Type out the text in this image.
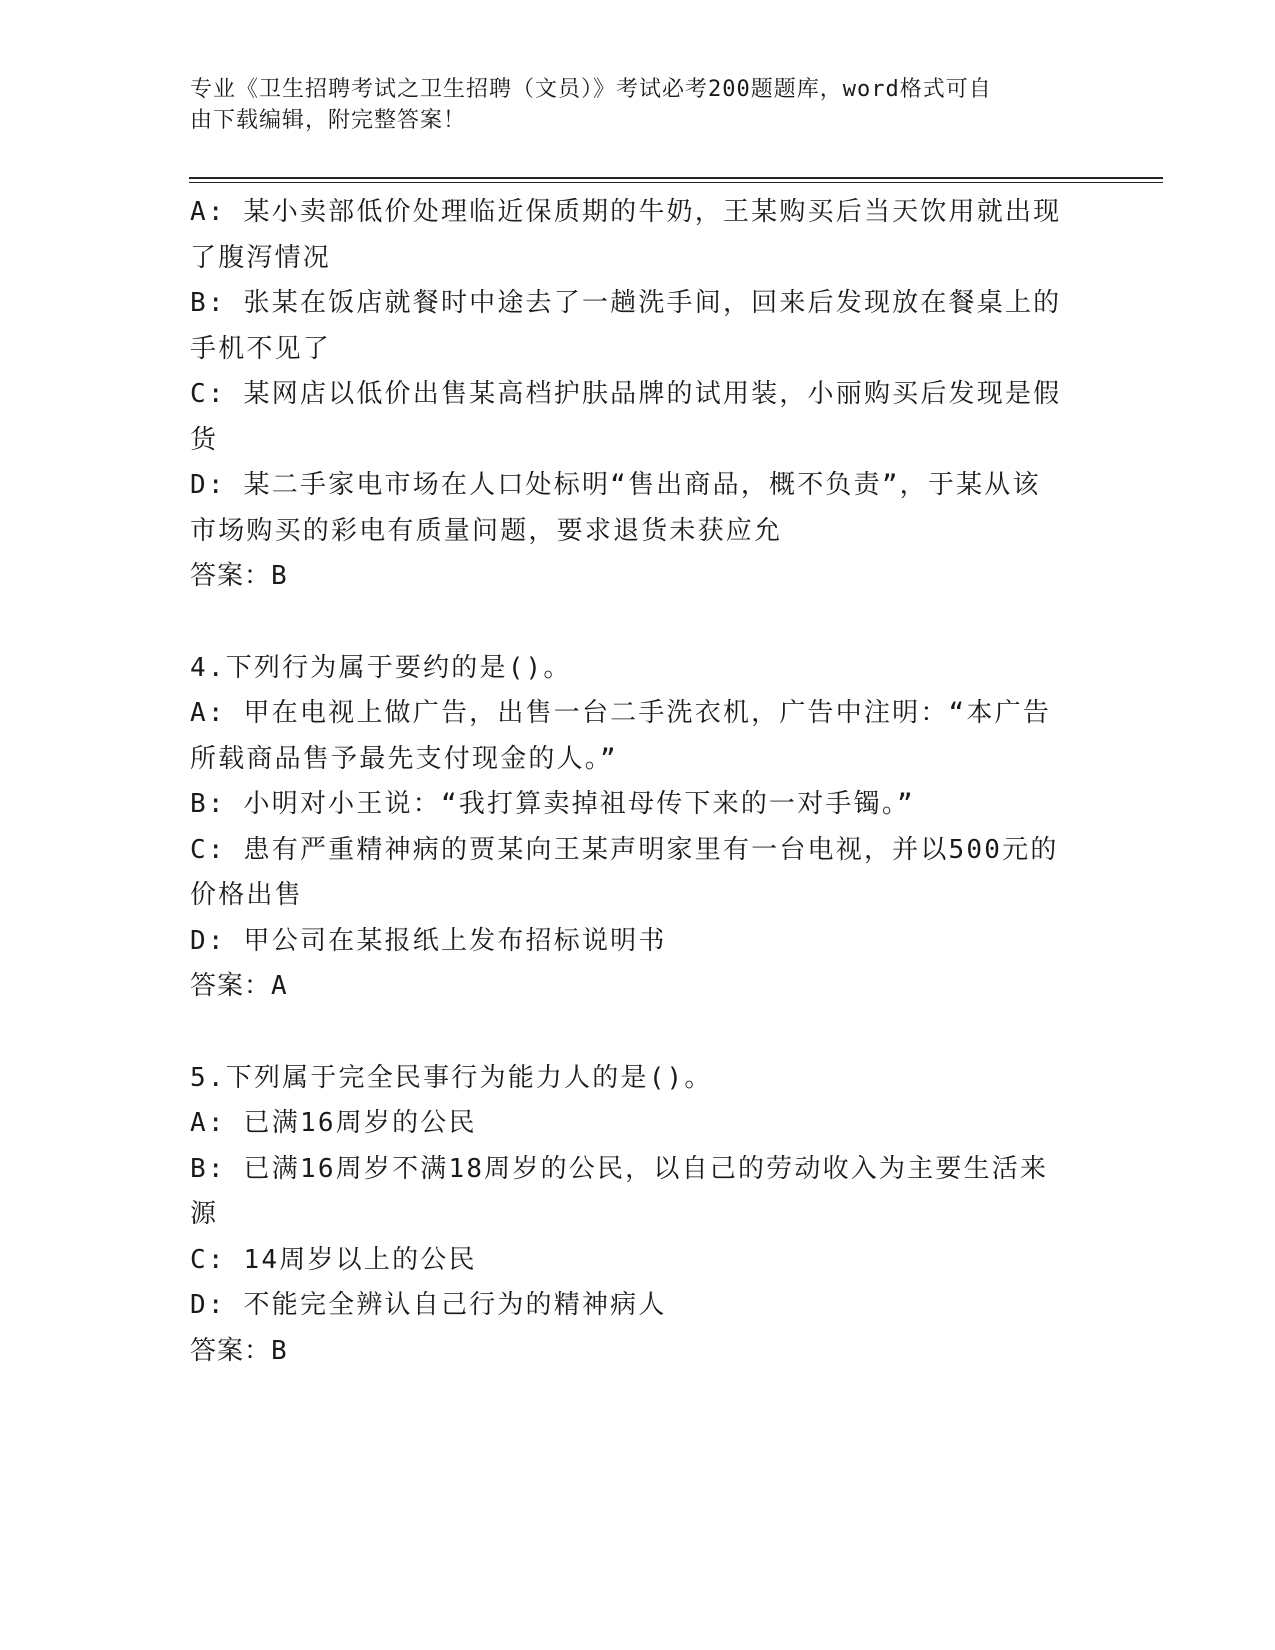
专业《卫生招聘考试之卫生招聘（文员）》考试必考200题题库，word格式可自
由下载编辑，附完整答案！

A: 某小卖部低价处理临近保质期的牛奶，王某购买后当天饮用就出现

了腹泻情况

B: 张某在饭店就餐时中途去了一趟洗手间，回来后发现放在餐桌上的

手机不见了

C: 某网店以低价出售某高档护肤品牌的试用装，小丽购买后发现是假

货

D: 某二手家电市场在人口处标明“售出商品，概不负责”，于某从该

市场购买的彩电有质量问题，要求退货未获应允

答案：B

4.下列行为属于要约的是()。

A: 甲在电视上做广告，出售一台二手洗衣机，广告中注明：“本广告

所载商品售予最先支付现金的人。”

B: 小明对小王说：“我打算卖掉祖母传下来的一对手镯。”

C: 患有严重精神病的贾某向王某声明家里有一台电视，并以500元的

价格出售

D: 甲公司在某报纸上发布招标说明书

答案：A

5.下列属于完全民事行为能力人的是()。

A: 已满16周岁的公民

B: 已满16周岁不满18周岁的公民，以自己的劳动收入为主要生活来

源

C: 14周岁以上的公民

D: 不能完全辨认自己行为的精神病人

答案：B
